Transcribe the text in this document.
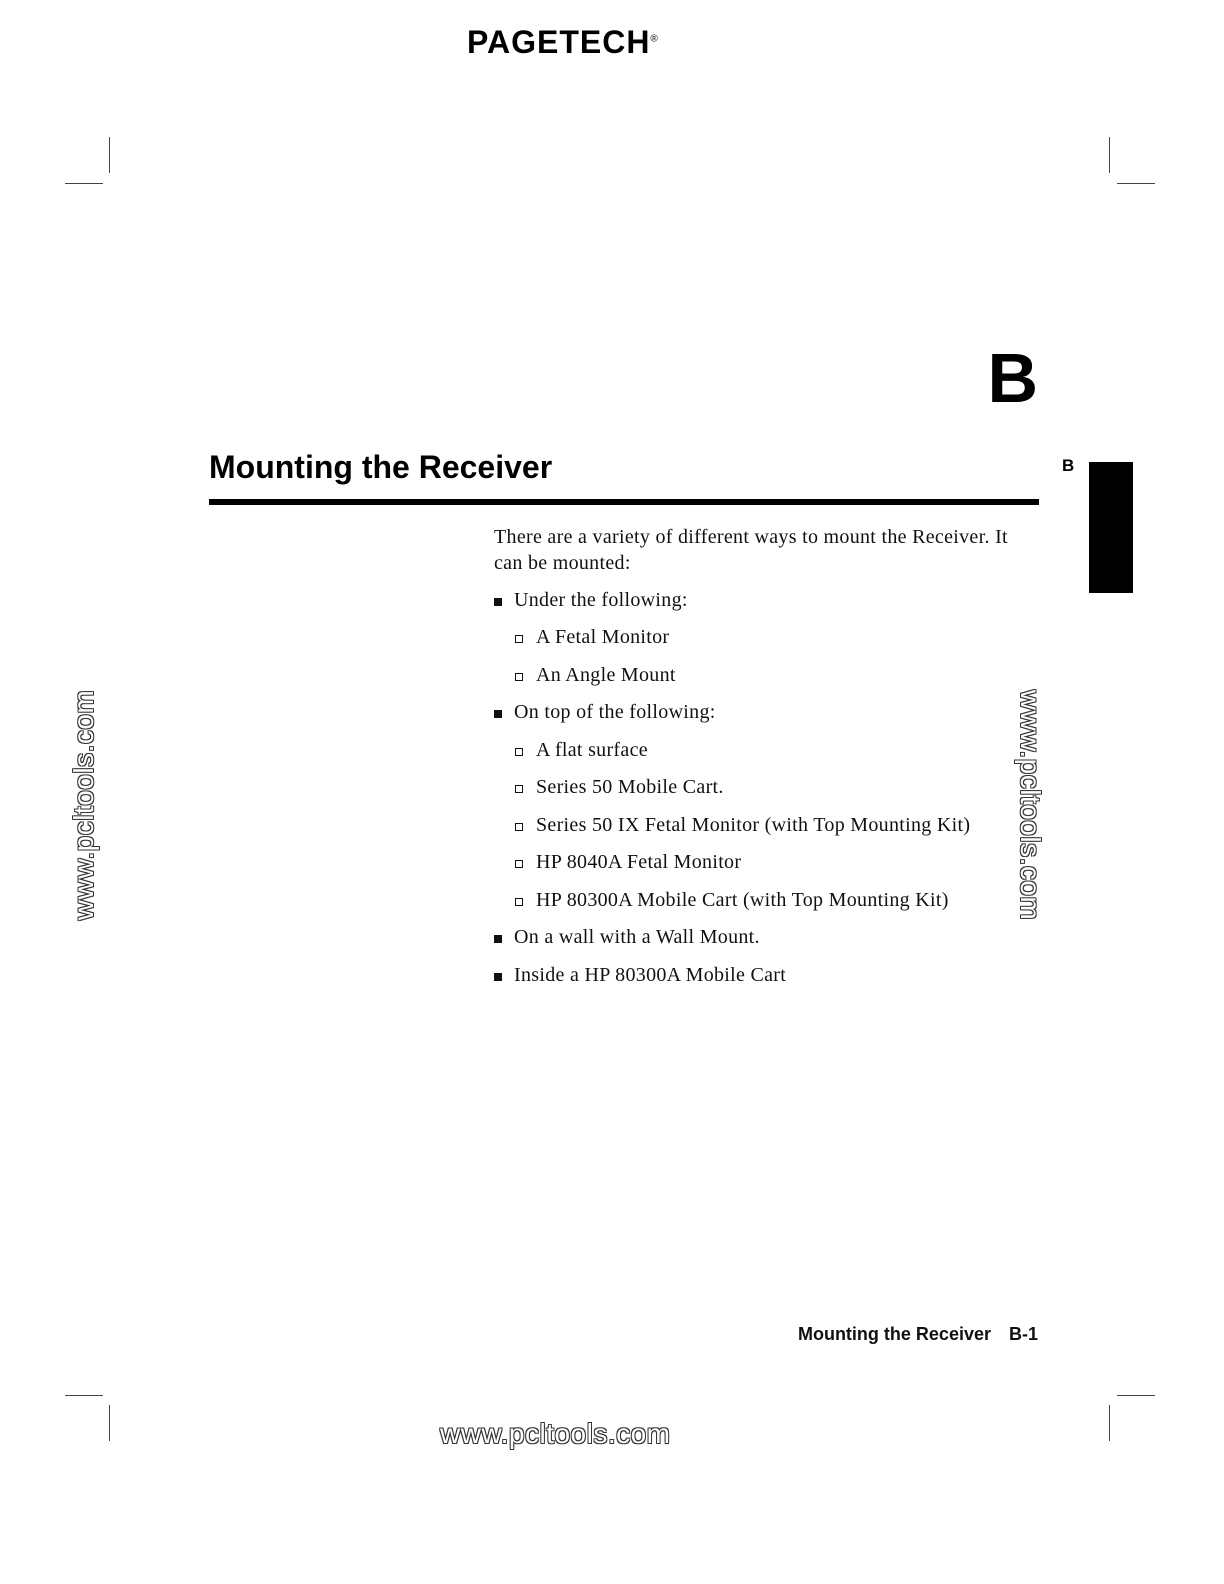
PAGETECH®
B
Mounting the Receiver	B
There are a variety of different ways to mount the Receiver. It can be mounted:
Under the following:
A Fetal Monitor
An Angle Mount
On top of the following:
A flat surface
Series 50 Mobile Cart.
Series 50 IX Fetal Monitor (with Top Mounting Kit)
HP 8040A Fetal Monitor
HP 80300A Mobile Cart (with Top Mounting Kit)
On a wall with a Wall Mount.
Inside a HP 80300A Mobile Cart
www.pcltools.com	www.pcltools.com
www.pcltools.com
Mounting the Receiver B-1
